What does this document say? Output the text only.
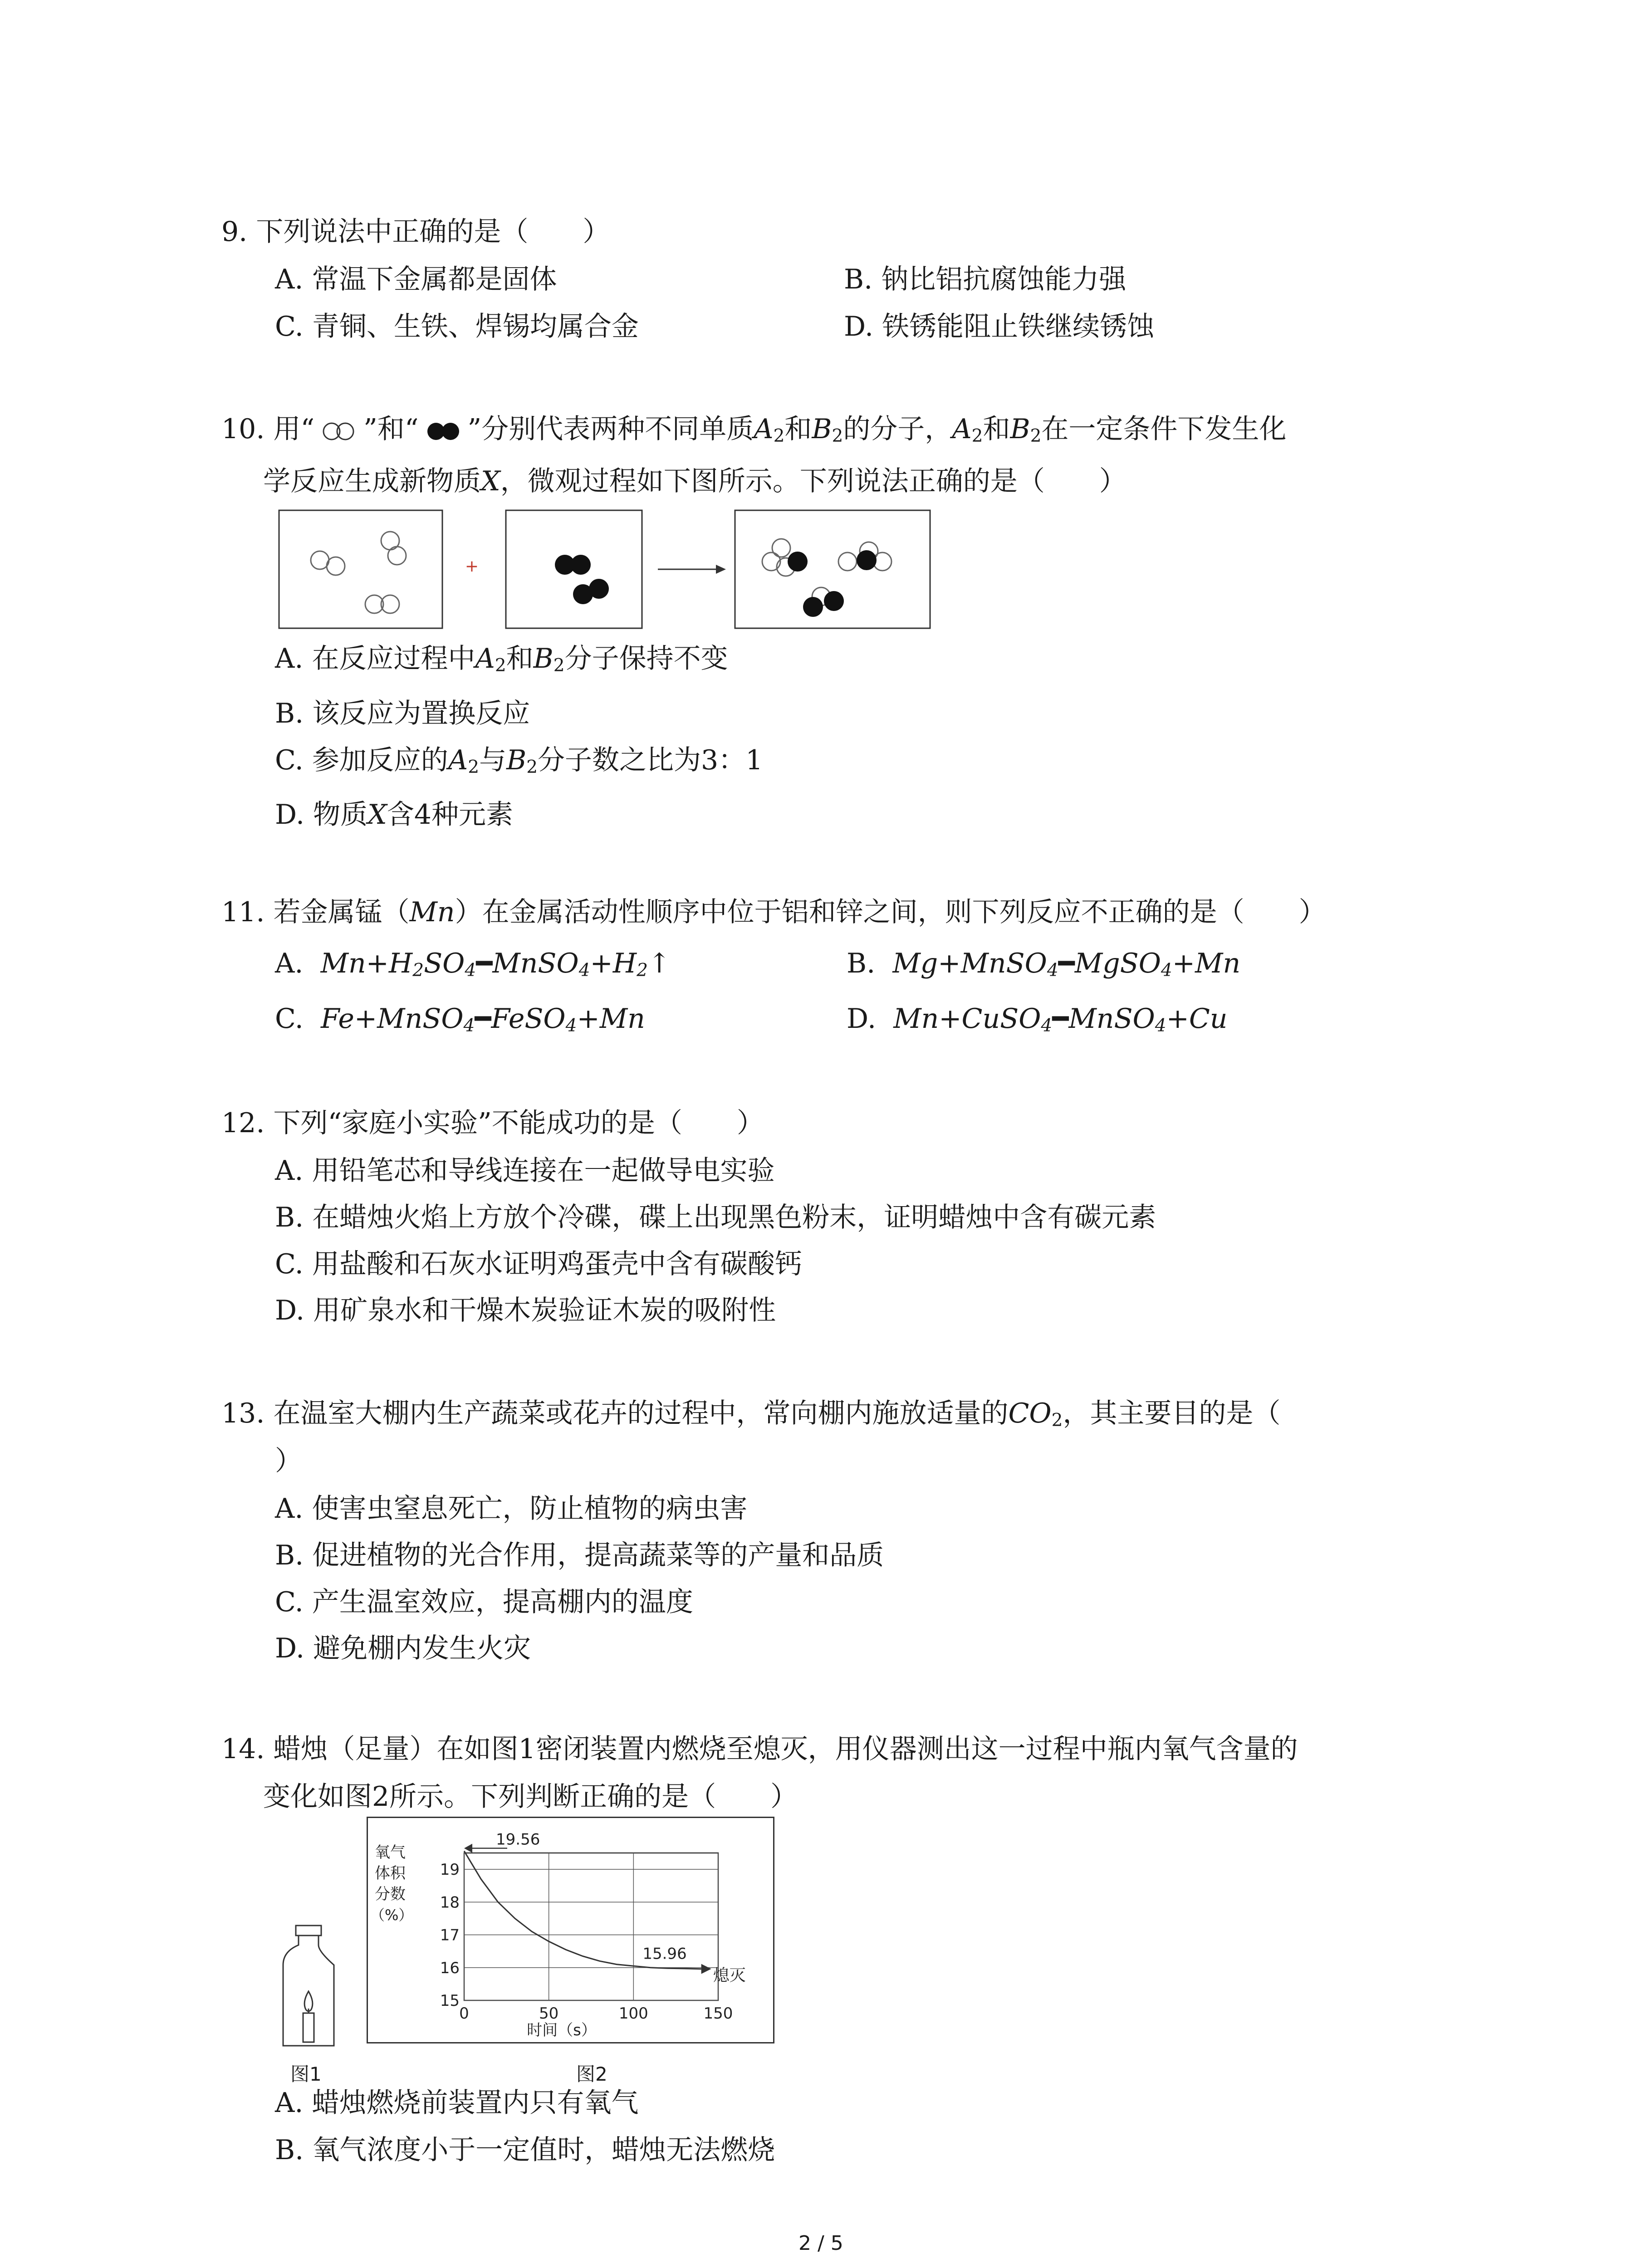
9. 下列说法中正确的是（　　）
A. 常温下金属都是固体	B. 钠比铝抗腐蚀能力强
C. 青铜、生铁、焊锡均属合金	D. 铁锈能阻止铁继续锈蚀
10. 用“ ”和“ ”分别代表两种不同单质$A_2$和$B_2$的分子，$A_2$和$B_2$在一定条件下发生化
学反应生成新物质X，微观过程如下图所示。下列说法正确的是（　　）
+
A. 在反应过程中$A_2$和$B_2$分子保持不变
B. 该反应为置换反应
C. 参加反应的$A_2$与$B_2$分子数之比为3：1
D. 物质X含4种元素
11. 若金属锰（Mn）在金属活动性顺序中位于铝和锌之间，则下列反应不正确的是（　　）
A. $Mn+H_2SO_4━MnSO_4+H_2↑$	B. Mg+MnSO$_4$━MgSO$_4$+Mn
C. Fe+MnSO$_4$━FeSO$_4$+Mn	D. Mn+CuSO$_4$━MnSO$_4$+Cu
12. 下列“家庭小实验”不能成功的是（　　）
A. 用铅笔芯和导线连接在一起做导电实验
B. 在蜡烛火焰上方放个冷碟，碟上出现黑色粉末，证明蜡烛中含有碳元素
C. 用盐酸和石灰水证明鸡蛋壳中含有碳酸钙
D. 用矿泉水和干燥木炭验证木炭的吸附性
13. 在温室大棚内生产蔬菜或花卉的过程中，常向棚内施放适量的$CO_2$，其主要目的是（
）
A. 使害虫窒息死亡，防止植物的病虫害
B. 促进植物的光合作用，提高蔬菜等的产量和品质
C. 产生温室效应，提高棚内的温度
D. 避免棚内发生火灾
14. 蜡烛（足量）在如图1密闭装置内燃烧至熄灭，用仪器测出这一过程中瓶内氧气含量的
变化如图2所示。下列判断正确的是（　　）
图1	图2
氧气
体积
分数
（%）
15
16
17
18
19
0	50	100	150
19.56
15.96
熄灭
时间（s）
A. 蜡烛燃烧前装置内只有氧气
B. 氧气浓度小于一定值时，蜡烛无法燃烧
2 / 5
